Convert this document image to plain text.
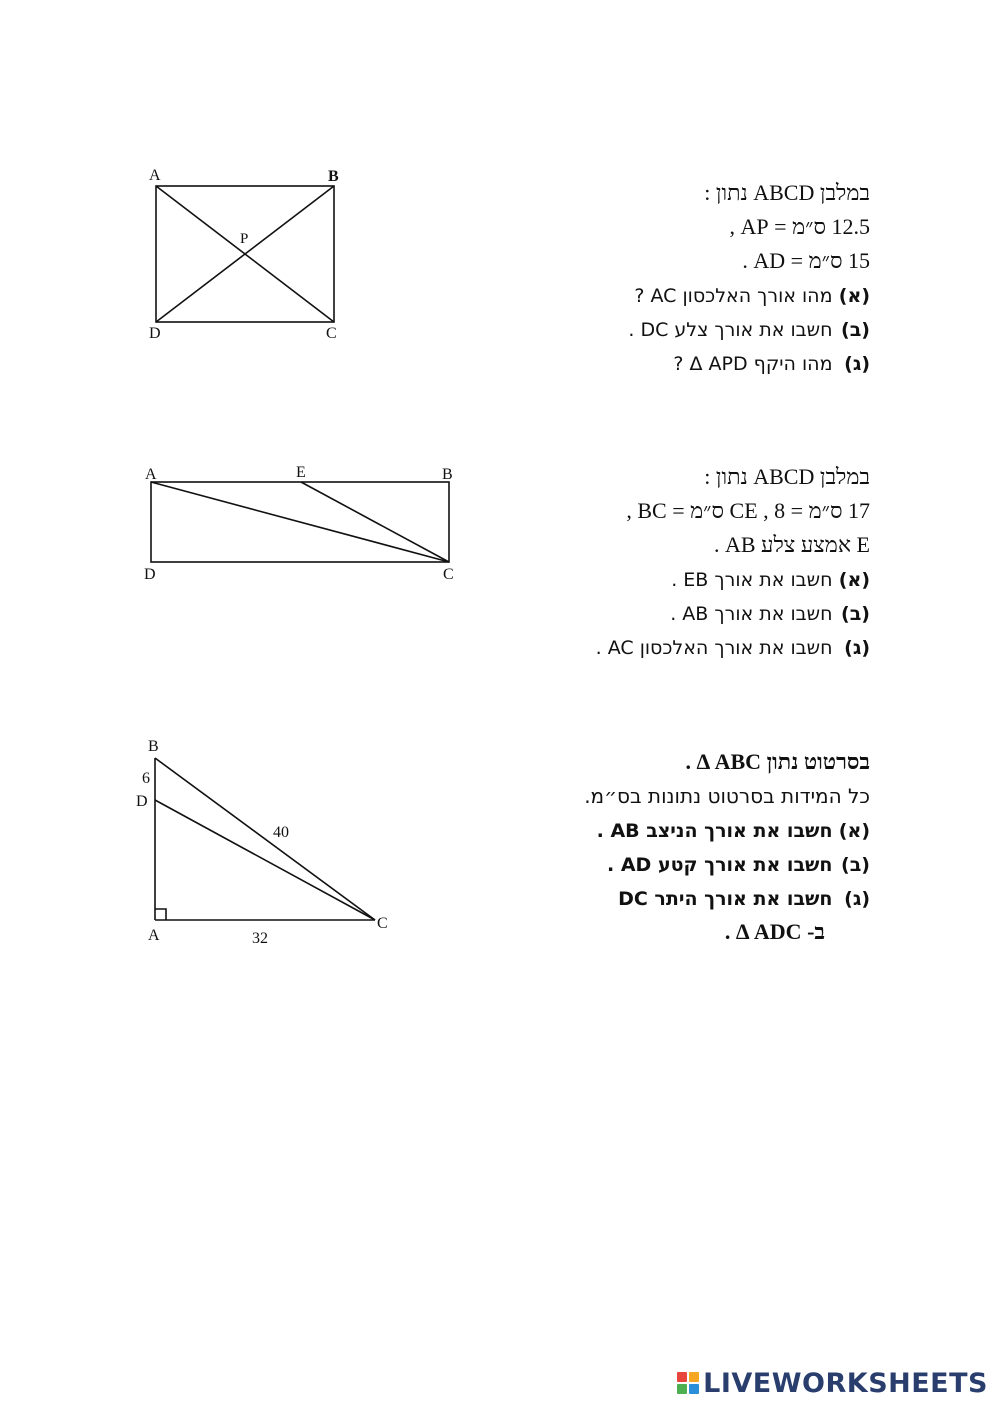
A	B
C
D
P
במלבן ABCD נתון :
12.5 ס״מ = AP ,
15 ס״מ = AD .
(א) מהו אורך האלכסון AC ?
(ב) חשבו את אורך צלע DC .
(ג) מהו היקף Δ APD ?
A	E	B
C
D
במלבן ABCD נתון :
17 ס״מ = CE , 8 ס״מ = BC ,
E אמצע צלע AB .
(א) חשבו את אורך EB .
(ב) חשבו את אורך AB .
(ג) חשבו את אורך האלכסון AC .
B
6
D
40
C
A	32
בסרטוט נתון Δ ABC .
כל המידות בסרטוט נתונות בס״מ.
(א) חשבו את אורך הניצב AB .
(ב) חשבו את אורך קטע AD .
(ג) חשבו את אורך היתר DC
ב- Δ ADC .
LIVEWORKSHEETS
